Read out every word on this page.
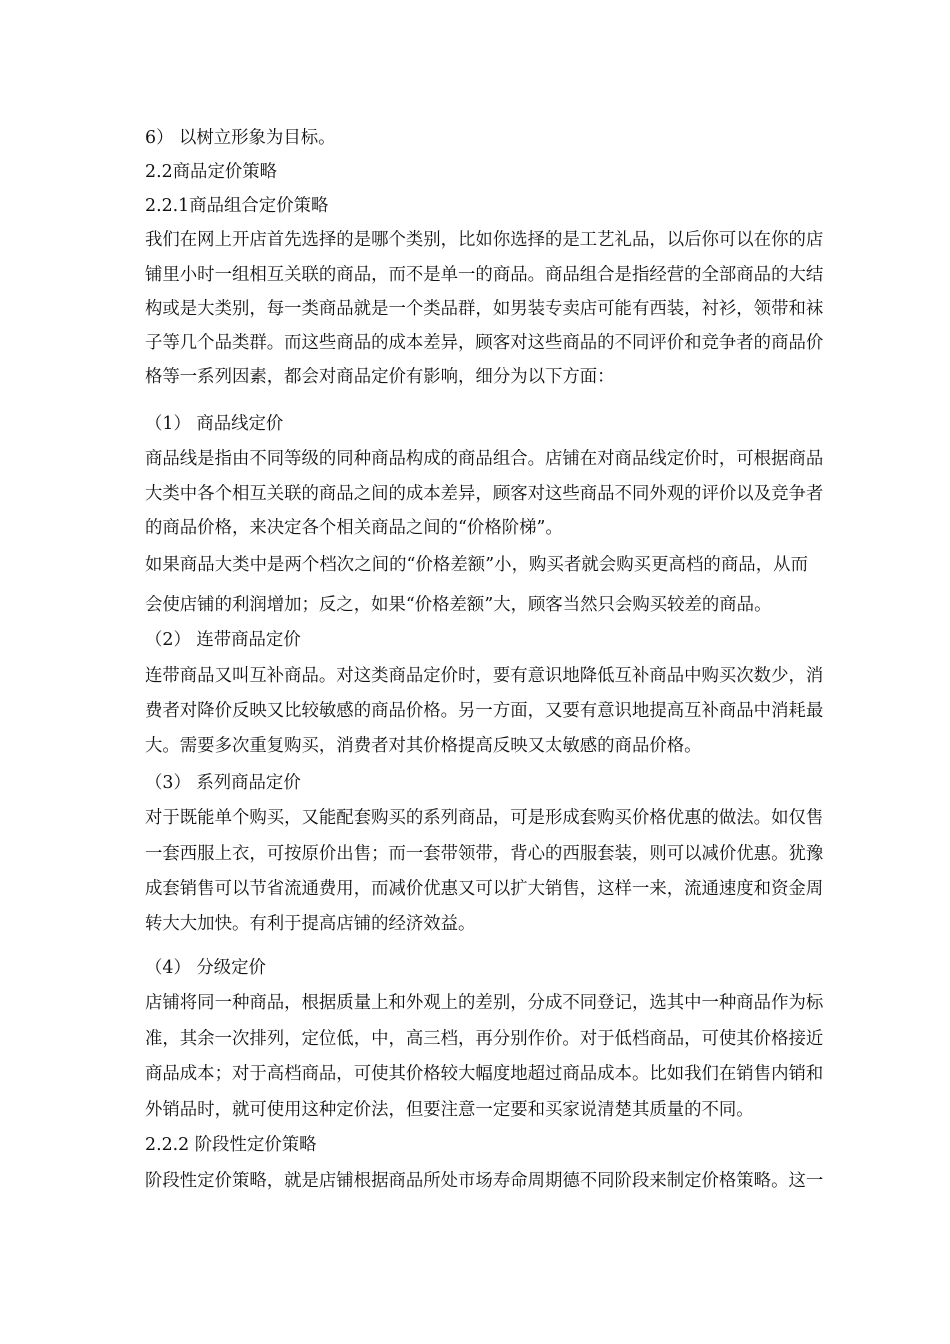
6） 以树立形象为目标。
2.2商品定价策略
2.2.1商品组合定价策略
我们在网上开店首先选择的是哪个类别，比如你选择的是工艺礼品，以后你可以在你的店
铺里小时一组相互关联的商品，而不是单一的商品。商品组合是指经营的全部商品的大结
构或是大类别，每一类商品就是一个类品群，如男装专卖店可能有西装，衬衫，领带和袜
子等几个品类群。而这些商品的成本差异，顾客对这些商品的不同评价和竞争者的商品价
格等一系列因素，都会对商品定价有影响，细分为以下方面：
（1） 商品线定价
商品线是指由不同等级的同种商品构成的商品组合。店铺在对商品线定价时，可根据商品
大类中各个相互关联的商品之间的成本差异，顾客对这些商品不同外观的评价以及竞争者
的商品价格，来决定各个相关商品之间的“价格阶梯”。
如果商品大类中是两个档次之间的“价格差额”小，购买者就会购买更高档的商品，从而
会使店铺的利润增加；反之，如果“价格差额”大，顾客当然只会购买较差的商品。
（2） 连带商品定价
连带商品又叫互补商品。对这类商品定价时，要有意识地降低互补商品中购买次数少，消
费者对降价反映又比较敏感的商品价格。另一方面，又要有意识地提高互补商品中消耗最
大。需要多次重复购买，消费者对其价格提高反映又太敏感的商品价格。
（3） 系列商品定价
对于既能单个购买，又能配套购买的系列商品，可是形成套购买价格优惠的做法。如仅售
一套西服上衣，可按原价出售；而一套带领带，背心的西服套装，则可以减价优惠。犹豫
成套销售可以节省流通费用，而减价优惠又可以扩大销售，这样一来，流通速度和资金周
转大大加快。有利于提高店铺的经济效益。
（4） 分级定价
店铺将同一种商品，根据质量上和外观上的差别，分成不同登记，选其中一种商品作为标
准，其余一次排列，定位低，中，高三档，再分别作价。对于低档商品，可使其价格接近
商品成本；对于高档商品，可使其价格较大幅度地超过商品成本。比如我们在销售内销和
外销品时，就可使用这种定价法，但要注意一定要和买家说清楚其质量的不同。
2.2.2 阶段性定价策略
阶段性定价策略，就是店铺根据商品所处市场寿命周期德不同阶段来制定价格策略。这一
